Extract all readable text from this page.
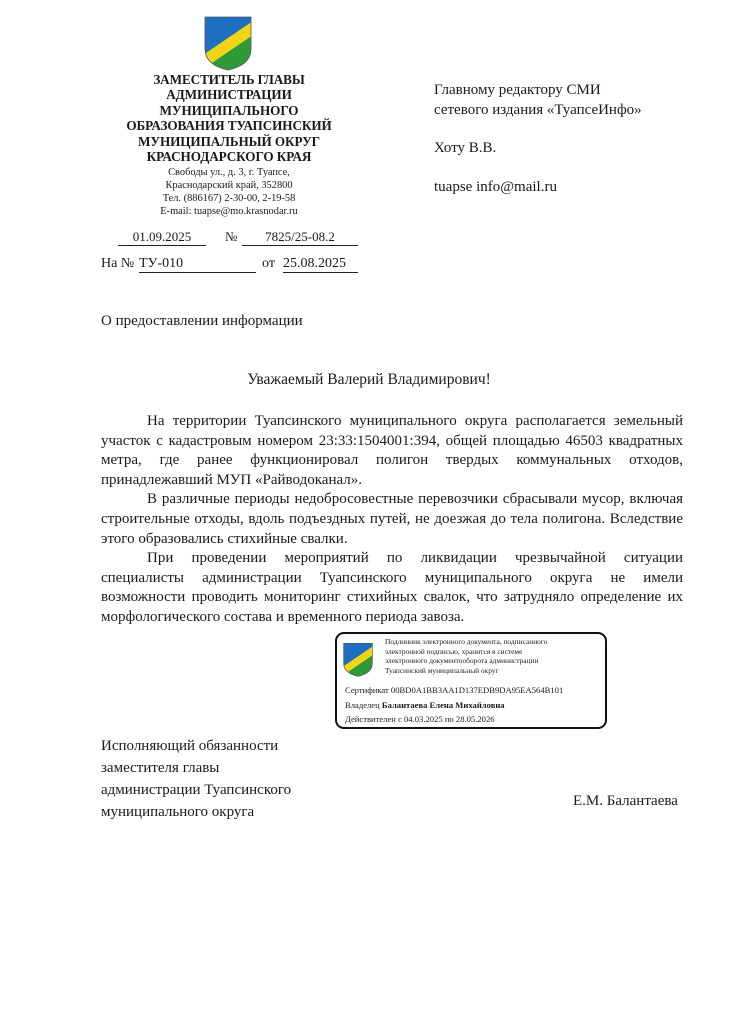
ЗАМЕСТИТЕЛЬ ГЛАВЫ
АДМИНИСТРАЦИИ
МУНИЦИПАЛЬНОГО
ОБРАЗОВАНИЯ ТУАПСИНСКИЙ
МУНИЦИПАЛЬНЫЙ ОКРУГ
КРАСНОДАРСКОГО КРАЯ
Свободы ул., д. 3, г. Туапсе,
Краснодарский край, 352800
Тел. (886167) 2-30-00, 2-19-58
E-mail: tuapse@mo.krasnodar.ru
01.09.2025	№	7825/25-08.2
На № ТУ-010	от 25.08.2025
Главному редактору СМИ
сетевого издания «ТуапсеИнфо»
Хоту В.В.
tuapse info@mail.ru
О предоставлении информации
Уважаемый Валерий Владимирович!

На территории Туапсинского муниципального округа располагается земельный участок с кадастровым номером 23:33:1504001:394, общей площадью 46503 квадратных метра, где ранее функционировал полигон твердых коммунальных отходов, принадлежавший МУП «Райводоканал».

В различные периоды недобросовестные перевозчики сбрасывали мусор, включая строительные отходы, вдоль подъездных путей, не доезжая до тела полигона. Вследствие этого образовались стихийные свалки.

При проведении мероприятий по ликвидации чрезвычайной ситуации специалисты администрации Туапсинского муниципального округа не имели возможности проводить мониторинг стихийных свалок, что затрудняло определение их морфологического состава и временного периода завоза.

Подлинник электронного документа, подписанного
электронной подписью, хранится в системе
электронного документооборота администрации
Туапсинский муниципальный округ
Сертификат 00BD0A1BB3AA1D137EDB9DA95EA564B101
Владелец Балантаева Елена Михайловна
Действителен с 04.03.2025 по 28.05.2026
Исполняющий обязанности
заместителя главы
администрации Туапсинского
муниципального округа
Е.М. Балантаева
